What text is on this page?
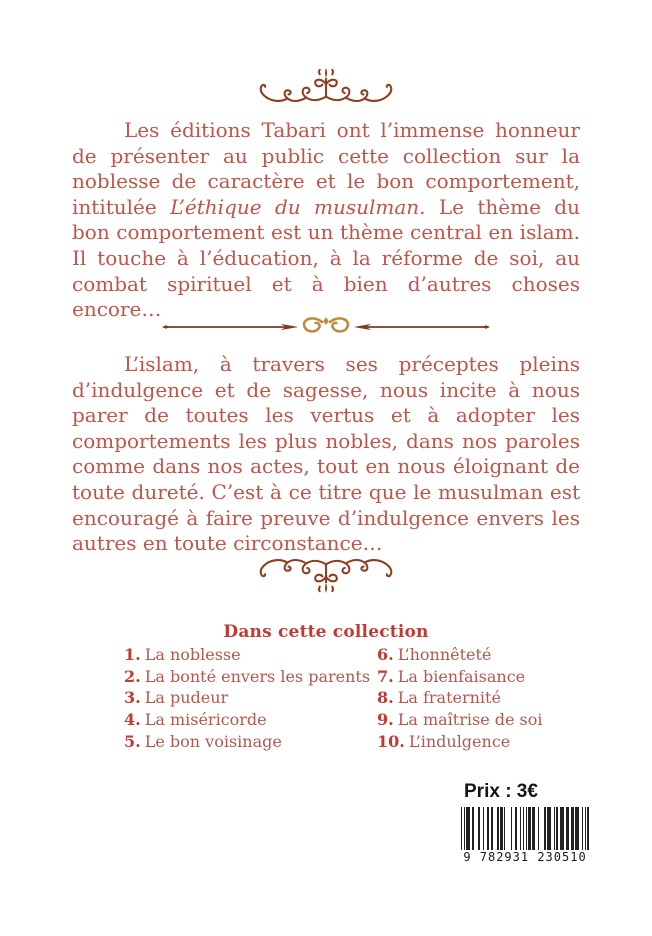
Les éditions Tabari ont l’immense honneur de présenter au public cette collection sur la noblesse de caractère et le bon comportement, intitulée L’éthique du musulman. Le thème du bon comportement est un thème central en islam. Il touche à l’éducation, à la réforme de soi, au combat spirituel et à bien d’autres choses encore…

L’islam, à travers ses préceptes pleins d’indulgence et de sagesse, nous incite à nous parer de toutes les vertus et à adopter les comportements les plus nobles, dans nos paroles comme dans nos actes, tout en nous éloignant de toute dureté. C’est à ce titre que le musulman est encouragé à faire preuve d’indulgence envers les autres en toute circonstance…

Dans cette collection
1. La noblesse
2. La bonté envers les parents
3. La pudeur
4. La miséricorde
5. Le bon voisinage
6. L’honnêteté
7. La bienfaisance
8. La fraternité
9. La maîtrise de soi
10. L’indulgence
Prix : 3€
9 782931 230510
